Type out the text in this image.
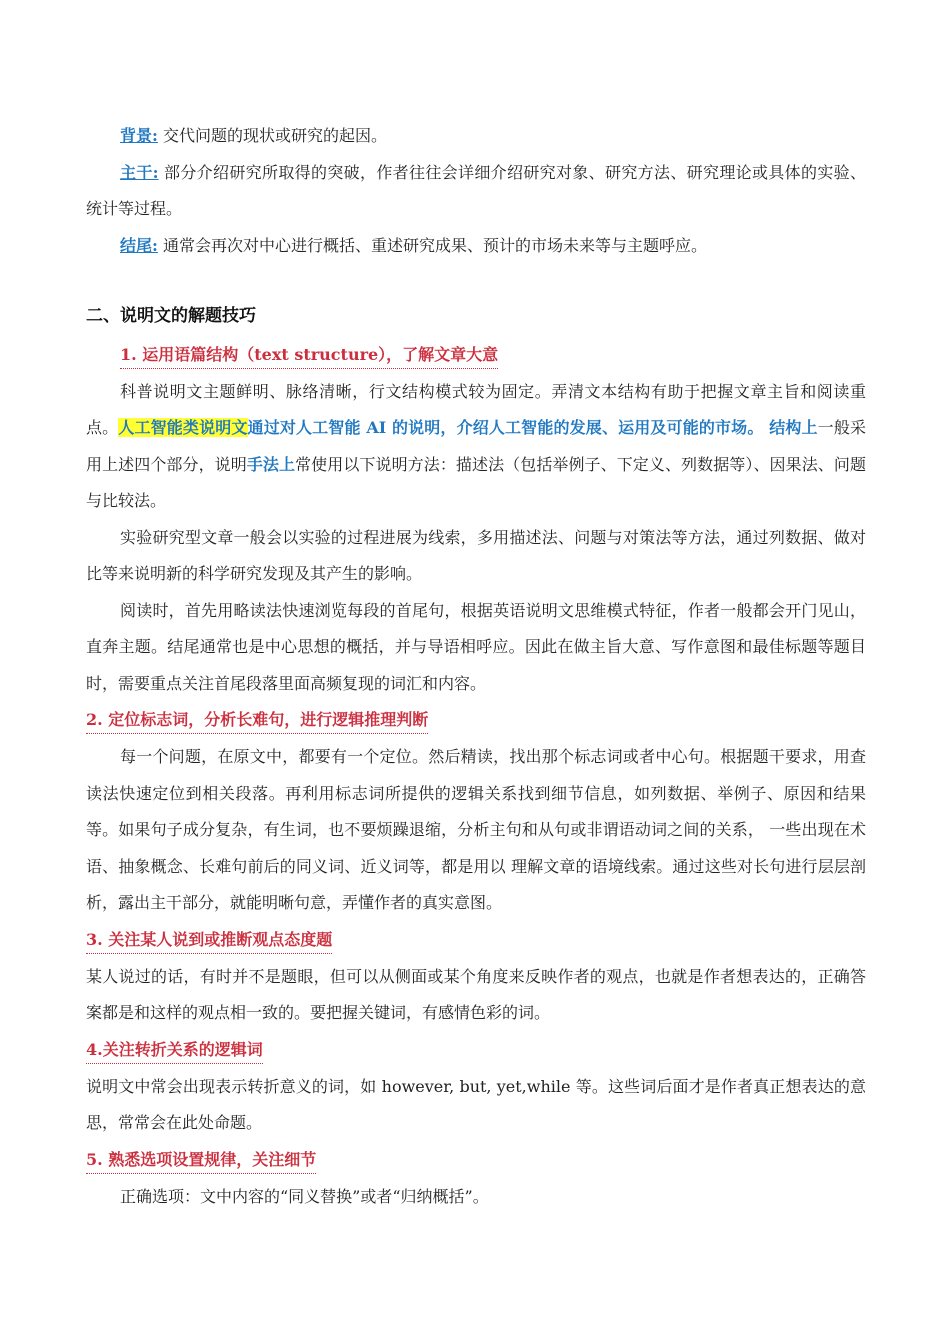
背景: 交代问题的现状或研究的起因。

主干: 部分介绍研究所取得的突破，作者往往会详细介绍研究对象、研究方法、研究理论或具体的实验、统计等过程。

结尾: 通常会再次对中心进行概括、重述研究成果、预计的市场未来等与主题呼应。

二、说明文的解题技巧
1. 运用语篇结构（text structure），了解文章大意

科普说明文主题鲜明、脉络清晰，行文结构模式较为固定。弄清文本结构有助于把握文章主旨和阅读重点。人工智能类说明文通过对人工智能 AI 的说明，介绍人工智能的发展、运用及可能的市场。 结构上一般采用上述四个部分，说明手法上常使用以下说明方法：描述法（包括举例子、下定义、列数据等）、因果法、问题与比较法。

实验研究型文章一般会以实验的过程进展为线索，多用描述法、问题与对策法等方法，通过列数据、做对比等来说明新的科学研究发现及其产生的影响。

阅读时，首先用略读法快速浏览每段的首尾句，根据英语说明文思维模式特征，作者一般都会开门见山，直奔主题。结尾通常也是中心思想的概括，并与导语相呼应。因此在做主旨大意、写作意图和最佳标题等题目时，需要重点关注首尾段落里面高频复现的词汇和内容。

2. 定位标志词，分析长难句，进行逻辑推理判断

每一个问题，在原文中，都要有一个定位。然后精读，找出那个标志词或者中心句。根据题干要求，用查读法快速定位到相关段落。再利用标志词所提供的逻辑关系找到细节信息，如列数据、举例子、原因和结果等。如果句子成分复杂，有生词，也不要烦躁退缩，分析主句和从句或非谓语动词之间的关系， 一些出现在术语、抽象概念、长难句前后的同义词、近义词等，都是用以 理解文章的语境线索。通过这些对长句进行层层剖析，露出主干部分，就能明晰句意，弄懂作者的真实意图。

3. 关注某人说到或推断观点态度题

某人说过的话，有时并不是题眼，但可以从侧面或某个角度来反映作者的观点，也就是作者想表达的，正确答案都是和这样的观点相一致的。要把握关键词，有感情色彩的词。

4.关注转折关系的逻辑词

说明文中常会出现表示转折意义的词，如 however, but, yet,while 等。这些词后面才是作者真正想表达的意思，常常会在此处命题。

5. 熟悉选项设置规律，关注细节

正确选项：文中内容的“同义替换”或者“归纳概括”。
